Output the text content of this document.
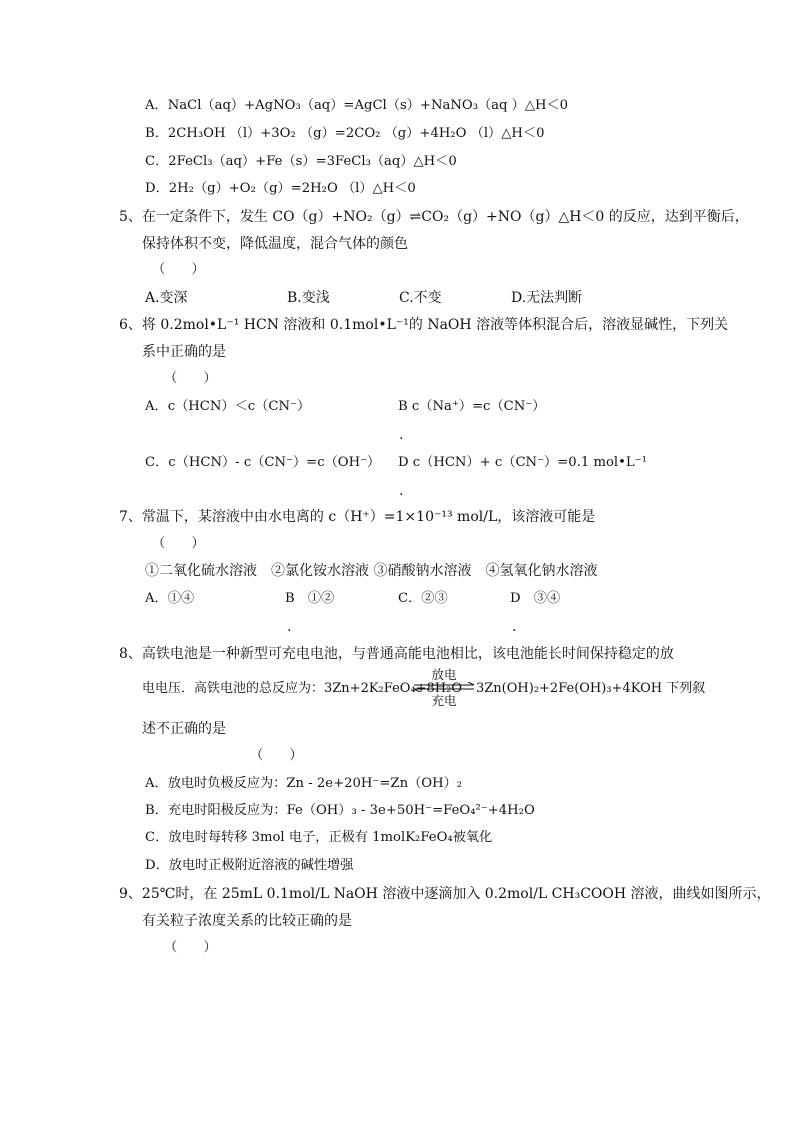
A．NaCl（aq）+AgNO₃（aq）=AgCl（s）+NaNO₃（aq ）△H＜0
B．2CH₃OH （l）+3O₂ （g）=2CO₂ （g）+4H₂O （l）△H＜0
C．2FeCl₃（aq）+Fe（s）=3FeCl₃（aq）△H＜0
D．2H₂（g）+O₂（g）=2H₂O （l）△H＜0
5、在一定条件下，发生 CO（g）+NO₂（g）⇌CO₂（g）+NO（g）△H＜0 的反应，达到平衡后，
保持体积不变，降低温度，混合气体的颜色
（　　）
A.变深	B.变浅	C.不变	D.无法判断
6、将 0.2mol•L⁻¹ HCN 溶液和 0.1mol•L⁻¹的 NaOH 溶液等体积混合后，溶液显碱性，下列关
系中正确的是
（　　）
A．c（HCN）＜c（CN⁻）	B c（Na⁺）=c（CN⁻）
.
C．c（HCN）- c（CN⁻）=c（OH⁻） D c（HCN）+ c（CN⁻）=0.1 mol•L⁻¹
.
7、常温下，某溶液中由水电离的 c（H⁺）=1×10⁻¹³ mol/L，该溶液可能是
（　　）
①二氧化硫水溶液　②氯化铵水溶液 ③硝酸钠水溶液　④氢氧化钠水溶液
A．①④	B　①②	C．②③	D　③④
.	.
8、高铁电池是一种新型可充电电池，与普通高能电池相比，该电池能长时间保持稳定的放
电电压．高铁电池的总反应为：3Zn+2K₂FeO₄+8H₂O
放电
充电
3Zn(OH)₂+2Fe(OH)₃+4KOH 下列叙
述不正确的是
（　　）
A．放电时负极反应为：Zn - 2e+20H⁻=Zn（OH）₂
B．充电时阳极反应为：Fe（OH）₃ - 3e+50H⁻=FeO₄²⁻+4H₂O
C．放电时每转移 3mol 电子，正极有 1molK₂FeO₄被氧化
D．放电时正极附近溶液的碱性增强
9、25℃时，在 25mL 0.1mol/L NaOH 溶液中逐滴加入 0.2mol/L CH₃COOH 溶液，曲线如图所示，
有关粒子浓度关系的比较正确的是
（　　）
